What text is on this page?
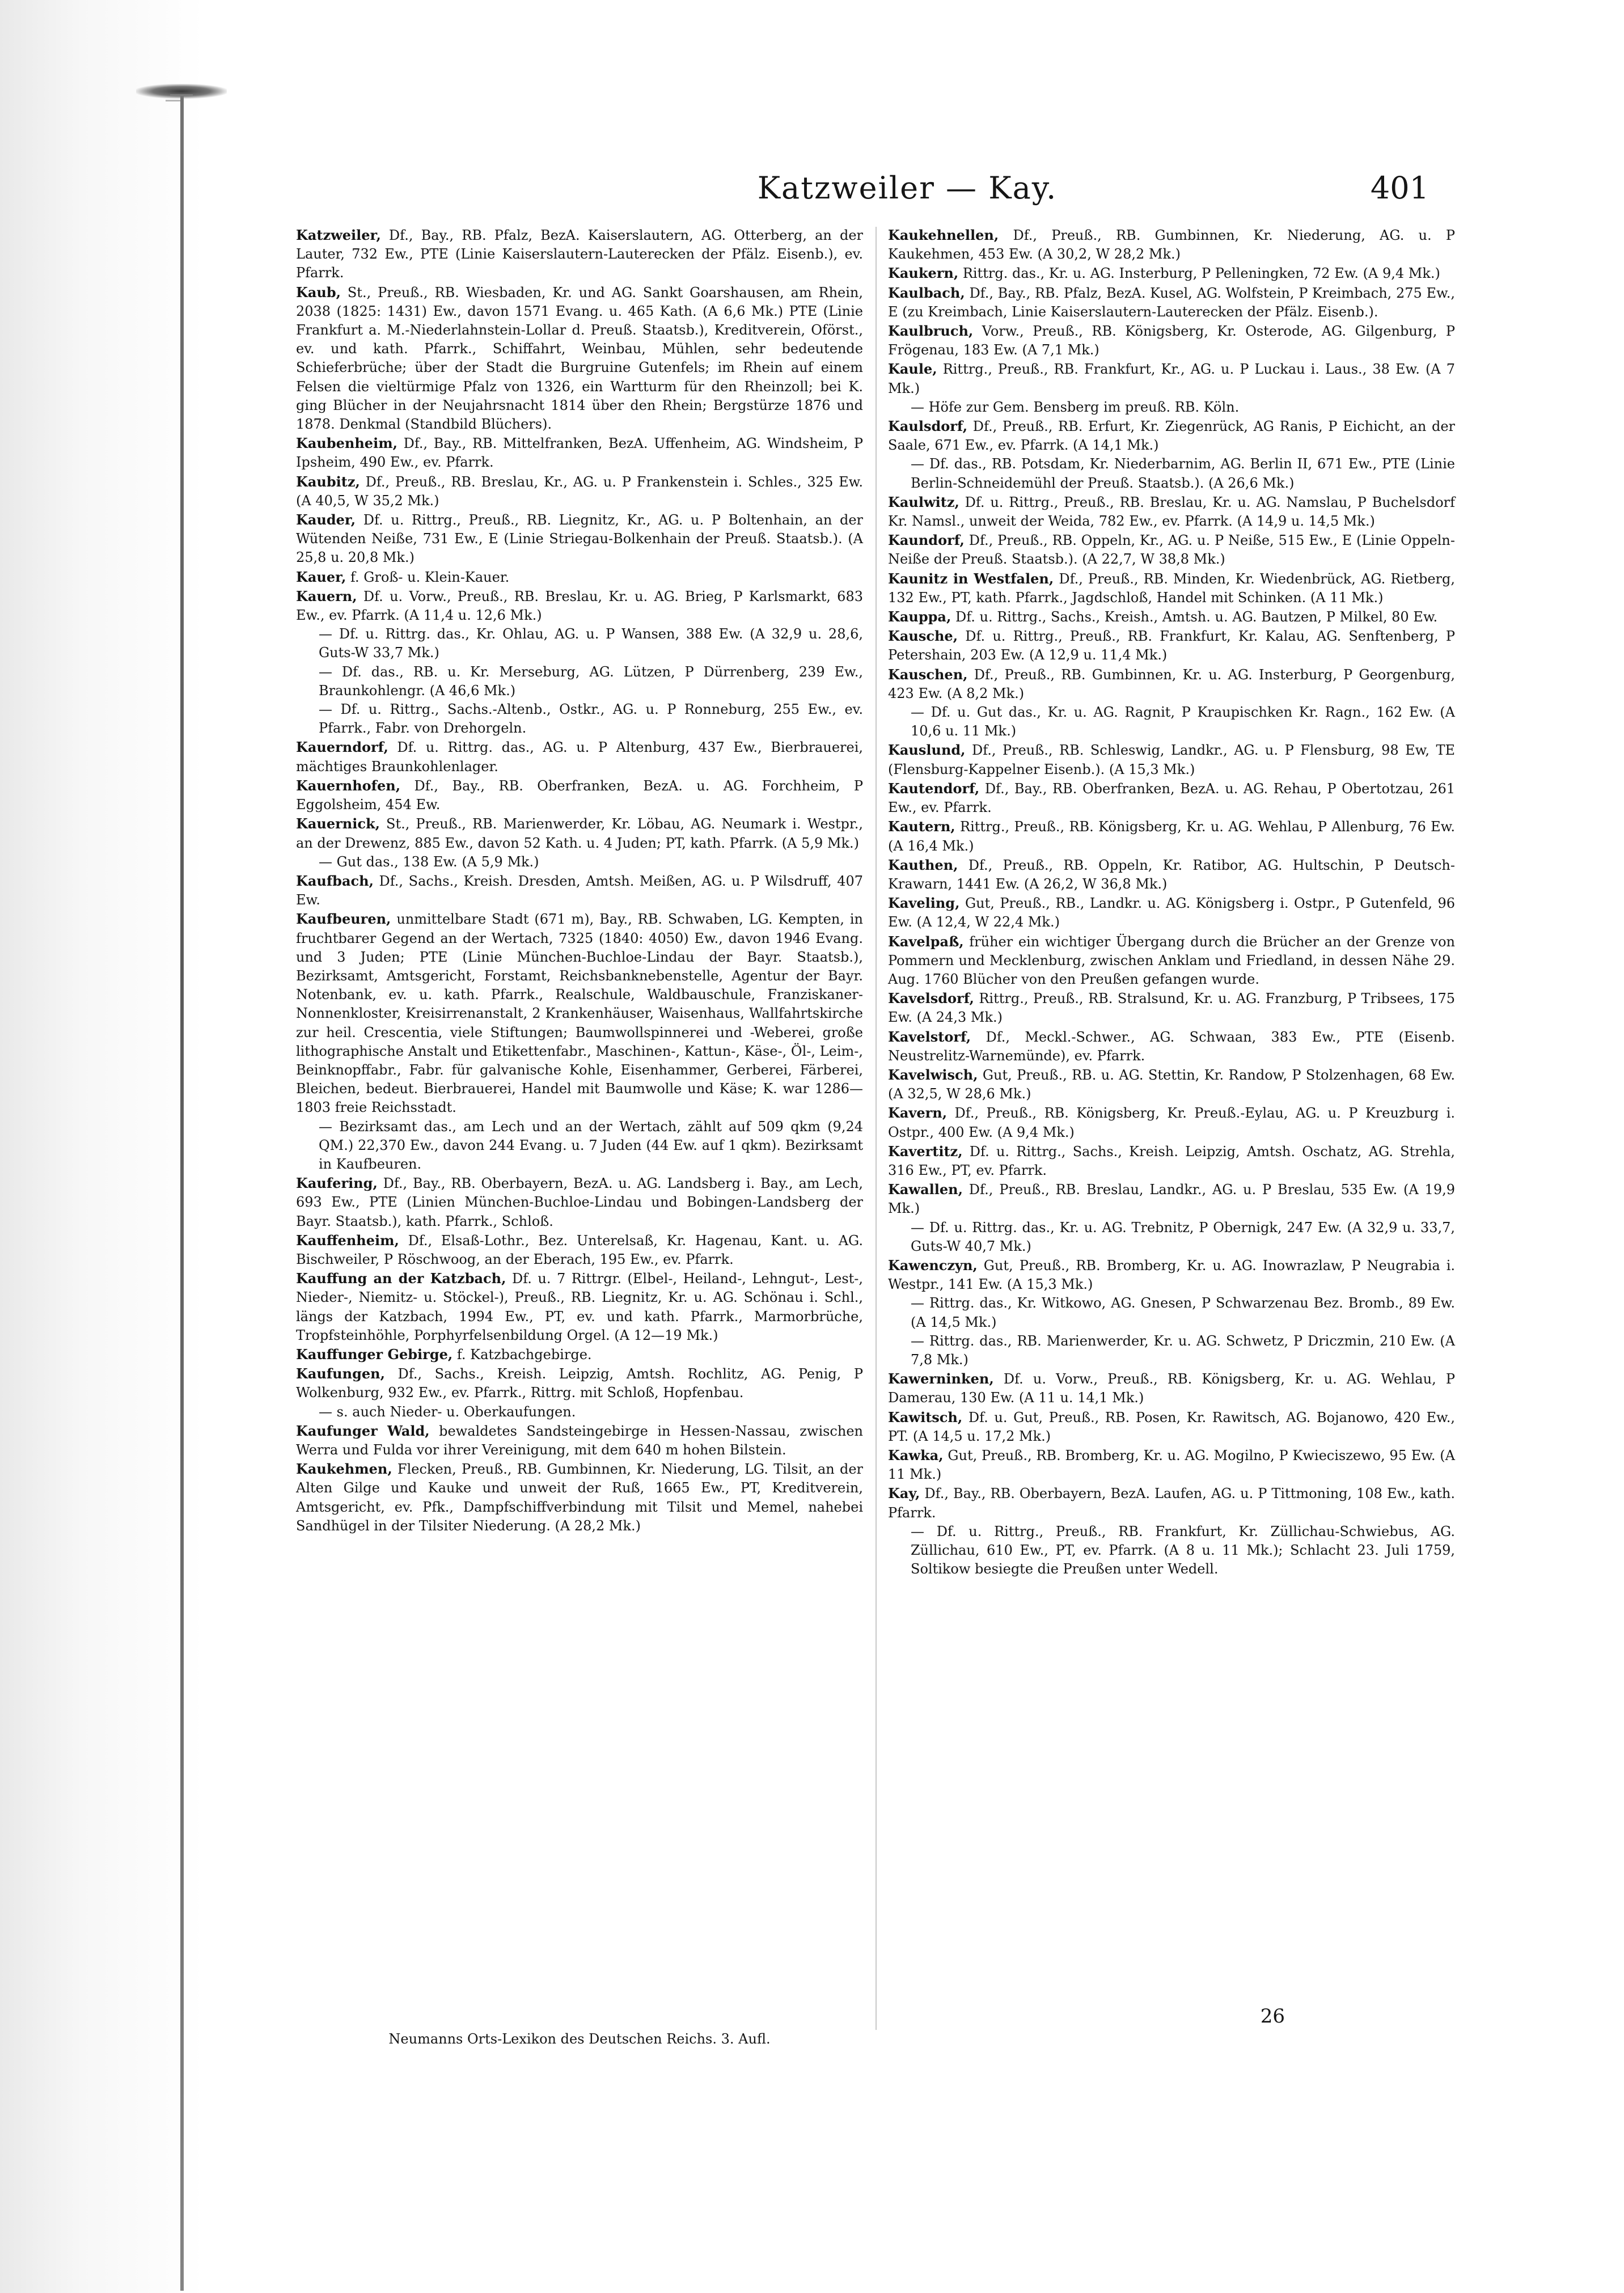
Katzweiler — Kay.	401

Katzweiler, Df., Bay., RB. Pfalz, BezA. Kaiserslautern, AG. Otterberg, an der Lauter, 732 Ew., PTE (Linie Kaiserslautern-Lauterecken der Pfälz. Eisenb.), ev. Pfarrk.

Kaub, St., Preuß., RB. Wiesbaden, Kr. und AG. Sankt Goarshausen, am Rhein, 2038 (1825: 1431) Ew., davon 1571 Evang. u. 465 Kath. (A 6,6 Mk.) PTE (Linie Frankfurt a. M.-Niederlahnstein-Lollar d. Preuß. Staatsb.), Kreditverein, Oförst., ev. und kath. Pfarrk., Schiffahrt, Weinbau, Mühlen, sehr bedeutende Schieferbrüche; über der Stadt die Burgruine Gutenfels; im Rhein auf einem Felsen die vieltürmige Pfalz von 1326, ein Wartturm für den Rheinzoll; bei K. ging Blücher in der Neujahrsnacht 1814 über den Rhein; Bergstürze 1876 und 1878. Denkmal (Standbild Blüchers).

Kaubenheim, Df., Bay., RB. Mittelfranken, BezA. Uffenheim, AG. Windsheim, P Ipsheim, 490 Ew., ev. Pfarrk.

Kaubitz, Df., Preuß., RB. Breslau, Kr., AG. u. P Frankenstein i. Schles., 325 Ew. (A 40,5, W 35,2 Mk.)

Kauder, Df. u. Rittrg., Preuß., RB. Liegnitz, Kr., AG. u. P Boltenhain, an der Wütenden Neiße, 731 Ew., E (Linie Striegau-Bolkenhain der Preuß. Staatsb.). (A 25,8 u. 20,8 Mk.)

Kauer, f. Groß- u. Klein-Kauer.

Kauern, Df. u. Vorw., Preuß., RB. Breslau, Kr. u. AG. Brieg, P Karlsmarkt, 683 Ew., ev. Pfarrk. (A 11,4 u. 12,6 Mk.)

— Df. u. Rittrg. das., Kr. Ohlau, AG. u. P Wansen, 388 Ew. (A 32,9 u. 28,6, Guts-W 33,7 Mk.)

— Df. das., RB. u. Kr. Merseburg, AG. Lützen, P Dürrenberg, 239 Ew., Braunkohlengr. (A 46,6 Mk.)

— Df. u. Rittrg., Sachs.-Altenb., Ostkr., AG. u. P Ronneburg, 255 Ew., ev. Pfarrk., Fabr. von Drehorgeln.

Kauerndorf, Df. u. Rittrg. das., AG. u. P Altenburg, 437 Ew., Bierbrauerei, mächtiges Braunkohlenlager.

Kauernhofen, Df., Bay., RB. Oberfranken, BezA. u. AG. Forchheim, P Eggolsheim, 454 Ew.

Kauernick, St., Preuß., RB. Marienwerder, Kr. Löbau, AG. Neumark i. Westpr., an der Drewenz, 885 Ew., davon 52 Kath. u. 4 Juden; PT, kath. Pfarrk. (A 5,9 Mk.)

— Gut das., 138 Ew. (A 5,9 Mk.)

Kaufbach, Df., Sachs., Kreish. Dresden, Amtsh. Meißen, AG. u. P Wilsdruff, 407 Ew.

Kaufbeuren, unmittelbare Stadt (671 m), Bay., RB. Schwaben, LG. Kempten, in fruchtbarer Gegend an der Wertach, 7325 (1840: 4050) Ew., davon 1946 Evang. und 3 Juden; PTE (Linie München-Buchloe-Lindau der Bayr. Staatsb.), Bezirksamt, Amtsgericht, Forstamt, Reichsbanknebenstelle, Agentur der Bayr. Notenbank, ev. u. kath. Pfarrk., Realschule, Waldbauschule, Franziskaner-Nonnenkloster, Kreisirrenanstalt, 2 Krankenhäuser, Waisenhaus, Wallfahrtskirche zur heil. Crescentia, viele Stiftungen; Baumwollspinnerei und -Weberei, große lithographische Anstalt und Etikettenfabr., Maschinen-, Kattun-, Käse-, Öl-, Leim-, Beinknopffabr., Fabr. für galvanische Kohle, Eisenhammer, Gerberei, Färberei, Bleichen, bedeut. Bierbrauerei, Handel mit Baumwolle und Käse; K. war 1286—1803 freie Reichsstadt.

— Bezirksamt das., am Lech und an der Wertach, zählt auf 509 qkm (9,24 QM.) 22,370 Ew., davon 244 Evang. u. 7 Juden (44 Ew. auf 1 qkm). Bezirksamt in Kaufbeuren.

Kaufering, Df., Bay., RB. Oberbayern, BezA. u. AG. Landsberg i. Bay., am Lech, 693 Ew., PTE (Linien München-Buchloe-Lindau und Bobingen-Landsberg der Bayr. Staatsb.), kath. Pfarrk., Schloß.

Kauffenheim, Df., Elsaß-Lothr., Bez. Unterelsaß, Kr. Hagenau, Kant. u. AG. Bischweiler, P Röschwoog, an der Eberach, 195 Ew., ev. Pfarrk.

Kauffung an der Katzbach, Df. u. 7 Rittrgr. (Elbel-, Heiland-, Lehngut-, Lest-, Nieder-, Niemitz- u. Stöckel-), Preuß., RB. Liegnitz, Kr. u. AG. Schönau i. Schl., längs der Katzbach, 1994 Ew., PT, ev. und kath. Pfarrk., Marmorbrüche, Tropfsteinhöhle, Porphyrfelsenbildung Orgel. (A 12—19 Mk.)

Kauffunger Gebirge, f. Katzbachgebirge.

Kaufungen, Df., Sachs., Kreish. Leipzig, Amtsh. Rochlitz, AG. Penig, P Wolkenburg, 932 Ew., ev. Pfarrk., Rittrg. mit Schloß, Hopfenbau.

— s. auch Nieder- u. Oberkaufungen.

Kaufunger Wald, bewaldetes Sandsteingebirge in Hessen-Nassau, zwischen Werra und Fulda vor ihrer Vereinigung, mit dem 640 m hohen Bilstein.

Kaukehmen, Flecken, Preuß., RB. Gumbinnen, Kr. Niederung, LG. Tilsit, an der Alten Gilge und Kauke und unweit der Ruß, 1665 Ew., PT, Kreditverein, Amtsgericht, ev. Pfk., Dampfschiffverbindung mit Tilsit und Memel, nahebei Sandhügel in der Tilsiter Niederung. (A 28,2 Mk.)

Kaukehnellen, Df., Preuß., RB. Gumbinnen, Kr. Niederung, AG. u. P Kaukehmen, 453 Ew. (A 30,2, W 28,2 Mk.)

Kaukern, Rittrg. das., Kr. u. AG. Insterburg, P Pelleningken, 72 Ew. (A 9,4 Mk.)

Kaulbach, Df., Bay., RB. Pfalz, BezA. Kusel, AG. Wolfstein, P Kreimbach, 275 Ew., E (zu Kreimbach, Linie Kaiserslautern-Lauterecken der Pfälz. Eisenb.).

Kaulbruch, Vorw., Preuß., RB. Königsberg, Kr. Osterode, AG. Gilgenburg, P Frögenau, 183 Ew. (A 7,1 Mk.)

Kaule, Rittrg., Preuß., RB. Frankfurt, Kr., AG. u. P Luckau i. Laus., 38 Ew. (A 7 Mk.)

— Höfe zur Gem. Bensberg im preuß. RB. Köln.

Kaulsdorf, Df., Preuß., RB. Erfurt, Kr. Ziegenrück, AG Ranis, P Eichicht, an der Saale, 671 Ew., ev. Pfarrk. (A 14,1 Mk.)

— Df. das., RB. Potsdam, Kr. Niederbarnim, AG. Berlin II, 671 Ew., PTE (Linie Berlin-Schneidemühl der Preuß. Staatsb.). (A 26,6 Mk.)

Kaulwitz, Df. u. Rittrg., Preuß., RB. Breslau, Kr. u. AG. Namslau, P Buchelsdorf Kr. Namsl., unweit der Weida, 782 Ew., ev. Pfarrk. (A 14,9 u. 14,5 Mk.)

Kaundorf, Df., Preuß., RB. Oppeln, Kr., AG. u. P Neiße, 515 Ew., E (Linie Oppeln-Neiße der Preuß. Staatsb.). (A 22,7, W 38,8 Mk.)

Kaunitz in Westfalen, Df., Preuß., RB. Minden, Kr. Wiedenbrück, AG. Rietberg, 132 Ew., PT, kath. Pfarrk., Jagdschloß, Handel mit Schinken. (A 11 Mk.)

Kauppa, Df. u. Rittrg., Sachs., Kreish., Amtsh. u. AG. Bautzen, P Milkel, 80 Ew.

Kausche, Df. u. Rittrg., Preuß., RB. Frankfurt, Kr. Kalau, AG. Senftenberg, P Petershain, 203 Ew. (A 12,9 u. 11,4 Mk.)

Kauschen, Df., Preuß., RB. Gumbinnen, Kr. u. AG. Insterburg, P Georgenburg, 423 Ew. (A 8,2 Mk.)

— Df. u. Gut das., Kr. u. AG. Ragnit, P Kraupischken Kr. Ragn., 162 Ew. (A 10,6 u. 11 Mk.)

Kauslund, Df., Preuß., RB. Schleswig, Landkr., AG. u. P Flensburg, 98 Ew, TE (Flensburg-Kappelner Eisenb.). (A 15,3 Mk.)

Kautendorf, Df., Bay., RB. Oberfranken, BezA. u. AG. Rehau, P Obertotzau, 261 Ew., ev. Pfarrk.

Kautern, Rittrg., Preuß., RB. Königsberg, Kr. u. AG. Wehlau, P Allenburg, 76 Ew. (A 16,4 Mk.)

Kauthen, Df., Preuß., RB. Oppeln, Kr. Ratibor, AG. Hultschin, P Deutsch-Krawarn, 1441 Ew. (A 26,2, W 36,8 Mk.)

Kaveling, Gut, Preuß., RB., Landkr. u. AG. Königsberg i. Ostpr., P Gutenfeld, 96 Ew. (A 12,4, W 22,4 Mk.)

Kavelpaß, früher ein wichtiger Übergang durch die Brücher an der Grenze von Pommern und Mecklenburg, zwischen Anklam und Friedland, in dessen Nähe 29. Aug. 1760 Blücher von den Preußen gefangen wurde.

Kavelsdorf, Rittrg., Preuß., RB. Stralsund, Kr. u. AG. Franzburg, P Tribsees, 175 Ew. (A 24,3 Mk.)

Kavelstorf, Df., Meckl.-Schwer., AG. Schwaan, 383 Ew., PTE (Eisenb. Neustrelitz-Warnemünde), ev. Pfarrk.

Kavelwisch, Gut, Preuß., RB. u. AG. Stettin, Kr. Randow, P Stolzenhagen, 68 Ew. (A 32,5, W 28,6 Mk.)

Kavern, Df., Preuß., RB. Königsberg, Kr. Preuß.-Eylau, AG. u. P Kreuzburg i. Ostpr., 400 Ew. (A 9,4 Mk.)

Kavertitz, Df. u. Rittrg., Sachs., Kreish. Leipzig, Amtsh. Oschatz, AG. Strehla, 316 Ew., PT, ev. Pfarrk.

Kawallen, Df., Preuß., RB. Breslau, Landkr., AG. u. P Breslau, 535 Ew. (A 19,9 Mk.)

— Df. u. Rittrg. das., Kr. u. AG. Trebnitz, P Obernigk, 247 Ew. (A 32,9 u. 33,7, Guts-W 40,7 Mk.)

Kawenczyn, Gut, Preuß., RB. Bromberg, Kr. u. AG. Inowrazlaw, P Neugrabia i. Westpr., 141 Ew. (A 15,3 Mk.)

— Rittrg. das., Kr. Witkowo, AG. Gnesen, P Schwarzenau Bez. Bromb., 89 Ew. (A 14,5 Mk.)

— Rittrg. das., RB. Marienwerder, Kr. u. AG. Schwetz, P Driczmin, 210 Ew. (A 7,8 Mk.)

Kawerninken, Df. u. Vorw., Preuß., RB. Königsberg, Kr. u. AG. Wehlau, P Damerau, 130 Ew. (A 11 u. 14,1 Mk.)

Kawitsch, Df. u. Gut, Preuß., RB. Posen, Kr. Rawitsch, AG. Bojanowo, 420 Ew., PT. (A 14,5 u. 17,2 Mk.)

Kawka, Gut, Preuß., RB. Bromberg, Kr. u. AG. Mogilno, P Kwieciszewo, 95 Ew. (A 11 Mk.)

Kay, Df., Bay., RB. Oberbayern, BezA. Laufen, AG. u. P Tittmoning, 108 Ew., kath. Pfarrk.

— Df. u. Rittrg., Preuß., RB. Frankfurt, Kr. Züllichau-Schwiebus, AG. Züllichau, 610 Ew., PT, ev. Pfarrk. (A 8 u. 11 Mk.); Schlacht 23. Juli 1759, Soltikow besiegte die Preußen unter Wedell.

Neumanns Orts-Lexikon des Deutschen Reichs. 3. Aufl.
26
